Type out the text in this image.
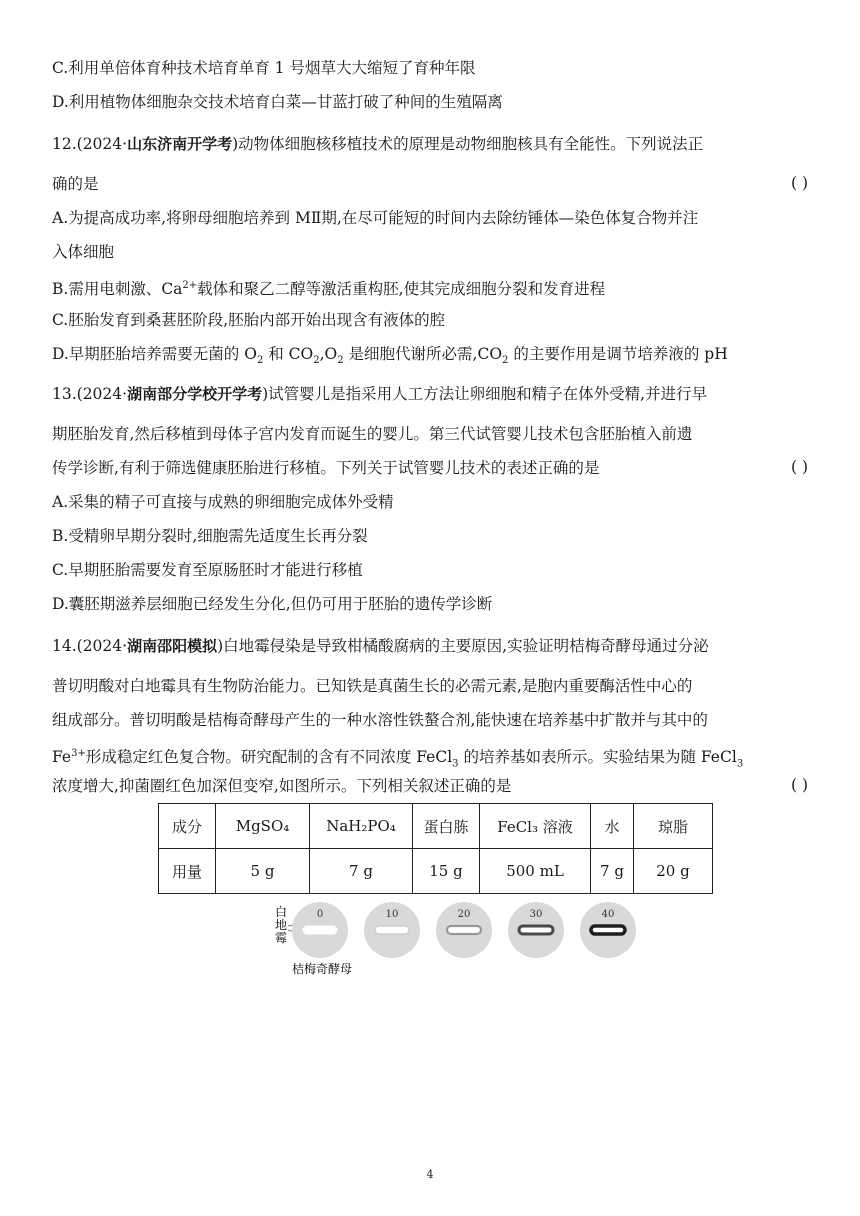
C.利用单倍体育种技术培育单育 1 号烟草大大缩短了育种年限
D.利用植物体细胞杂交技术培育白菜—甘蓝打破了种间的生殖隔离
12.(2024·山东济南开学考)动物体细胞核移植技术的原理是动物细胞核具有全能性。下列说法正
确的是	( )
A.为提高成功率,将卵母细胞培养到 MⅡ期,在尽可能短的时间内去除纺锤体—染色体复合物并注
入体细胞
B.需用电刺激、$Ca^{2+}$载体和聚乙二醇等激活重构胚,使其完成细胞分裂和发育进程
C.胚胎发育到桑葚胚阶段,胚胎内部开始出现含有液体的腔
D.早期胚胎培养需要无菌的 $O_2$ 和 $CO_2,O_2$ 是细胞代谢所必需$,CO_2$ 的主要作用是调节培养液的 pH
13.(2024·湖南部分学校开学考)试管婴儿是指采用人工方法让卵细胞和精子在体外受精,并进行早
期胚胎发育,然后移植到母体子宫内发育而诞生的婴儿。第三代试管婴儿技术包含胚胎植入前遗
传学诊断,有利于筛选健康胚胎进行移植。下列关于试管婴儿技术的表述正确的是	( )
A.采集的精子可直接与成熟的卵细胞完成体外受精
B.受精卵早期分裂时,细胞需先适度生长再分裂
C.早期胚胎需要发育至原肠胚时才能进行移植
D.囊胚期滋养层细胞已经发生分化,但仍可用于胚胎的遗传学诊断
14.(2024·湖南邵阳模拟)白地霉侵染是导致柑橘酸腐病的主要原因,实验证明桔梅奇酵母通过分泌
普切明酸对白地霉具有生物防治能力。已知铁是真菌生长的必需元素,是胞内重要酶活性中心的
组成部分。普切明酸是桔梅奇酵母产生的一种水溶性铁螯合剂,能快速在培养基中扩散并与其中的
$Fe^{3+}$形成稳定红色复合物。研究配制的含有不同浓度 FeCl$_3$ 的培养基如表所示。实验结果为随 FeCl$_3$
浓度增大,抑菌圈红色加深但变窄,如图所示。下列相关叙述正确的是	( )
成分	MgSO₄	NaH₂PO₄	蛋白胨	FeCl₃ 溶液	水	琼脂
用量	5 g	7 g	15 g	500 mL	7 g	20 g
白
地
霉
桔梅奇酵母
0	10	20	30	40
4
